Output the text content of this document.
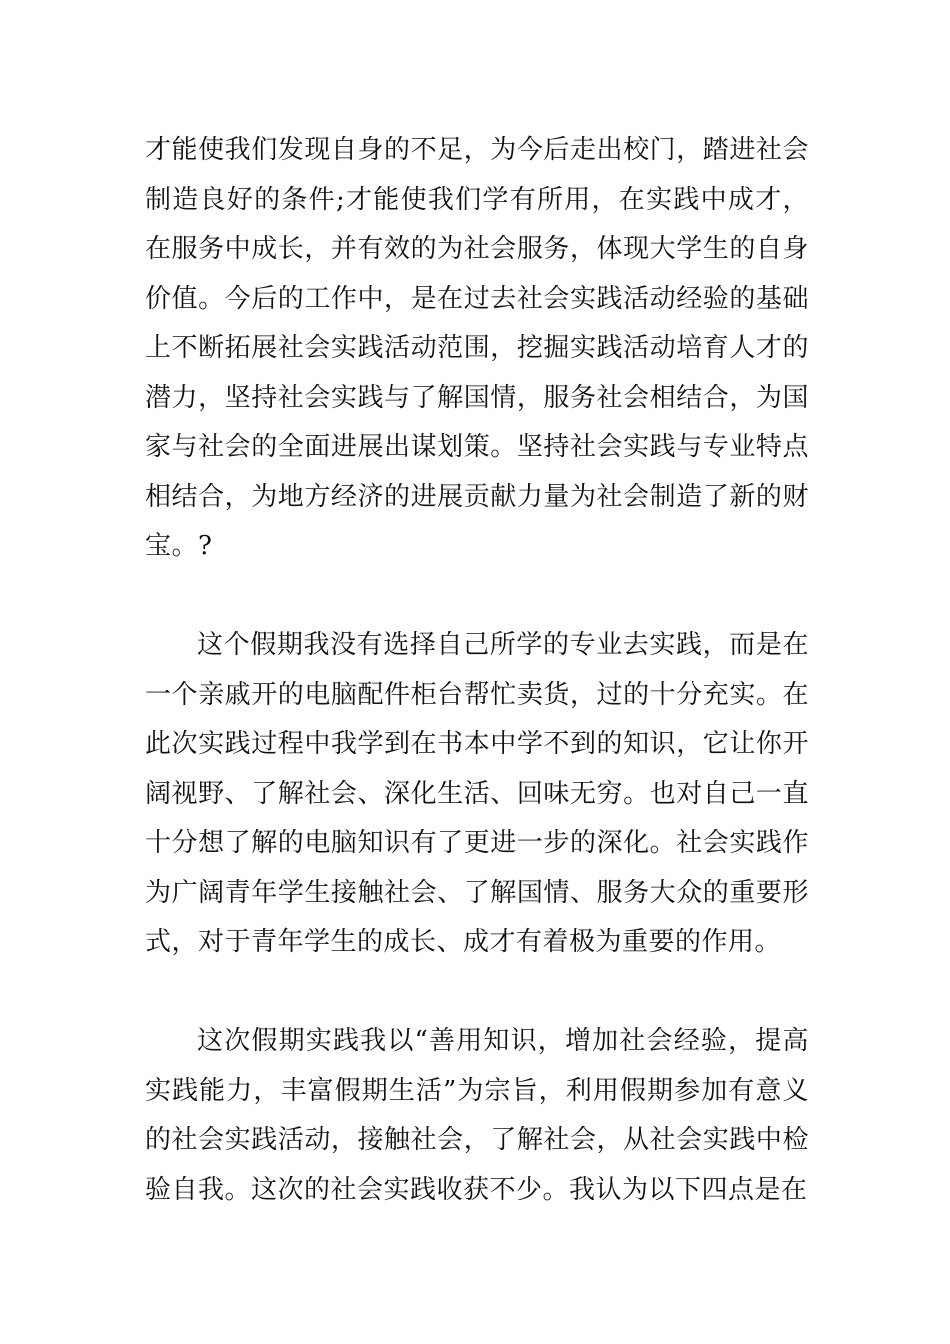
才能使我们发现自身的不足，为今后走出校门，踏进社会制造良好的条件;才能使我们学有所用，在实践中成才，在服务中成长，并有效的为社会服务，体现大学生的自身价值。今后的工作中，是在过去社会实践活动经验的基础上不断拓展社会实践活动范围，挖掘实践活动培育人才的潜力，坚持社会实践与了解国情，服务社会相结合，为国家与社会的全面进展出谋划策。坚持社会实践与专业特点相结合，为地方经济的进展贡献力量为社会制造了新的财宝。?

这个假期我没有选择自己所学的专业去实践，而是在一个亲戚开的电脑配件柜台帮忙卖货，过的十分充实。在此次实践过程中我学到在书本中学不到的知识，它让你开阔视野、了解社会、深化生活、回味无穷。也对自己一直十分想了解的电脑知识有了更进一步的深化。社会实践作为广阔青年学生接触社会、了解国情、服务大众的重要形式，对于青年学生的成长、成才有着极为重要的作用。

这次假期实践我以“善用知识，增加社会经验，提高实践能力，丰富假期生活”为宗旨，利用假期参加有意义的社会实践活动，接触社会，了解社会，从社会实践中检验自我。这次的社会实践收获不少。我认为以下四点是在
